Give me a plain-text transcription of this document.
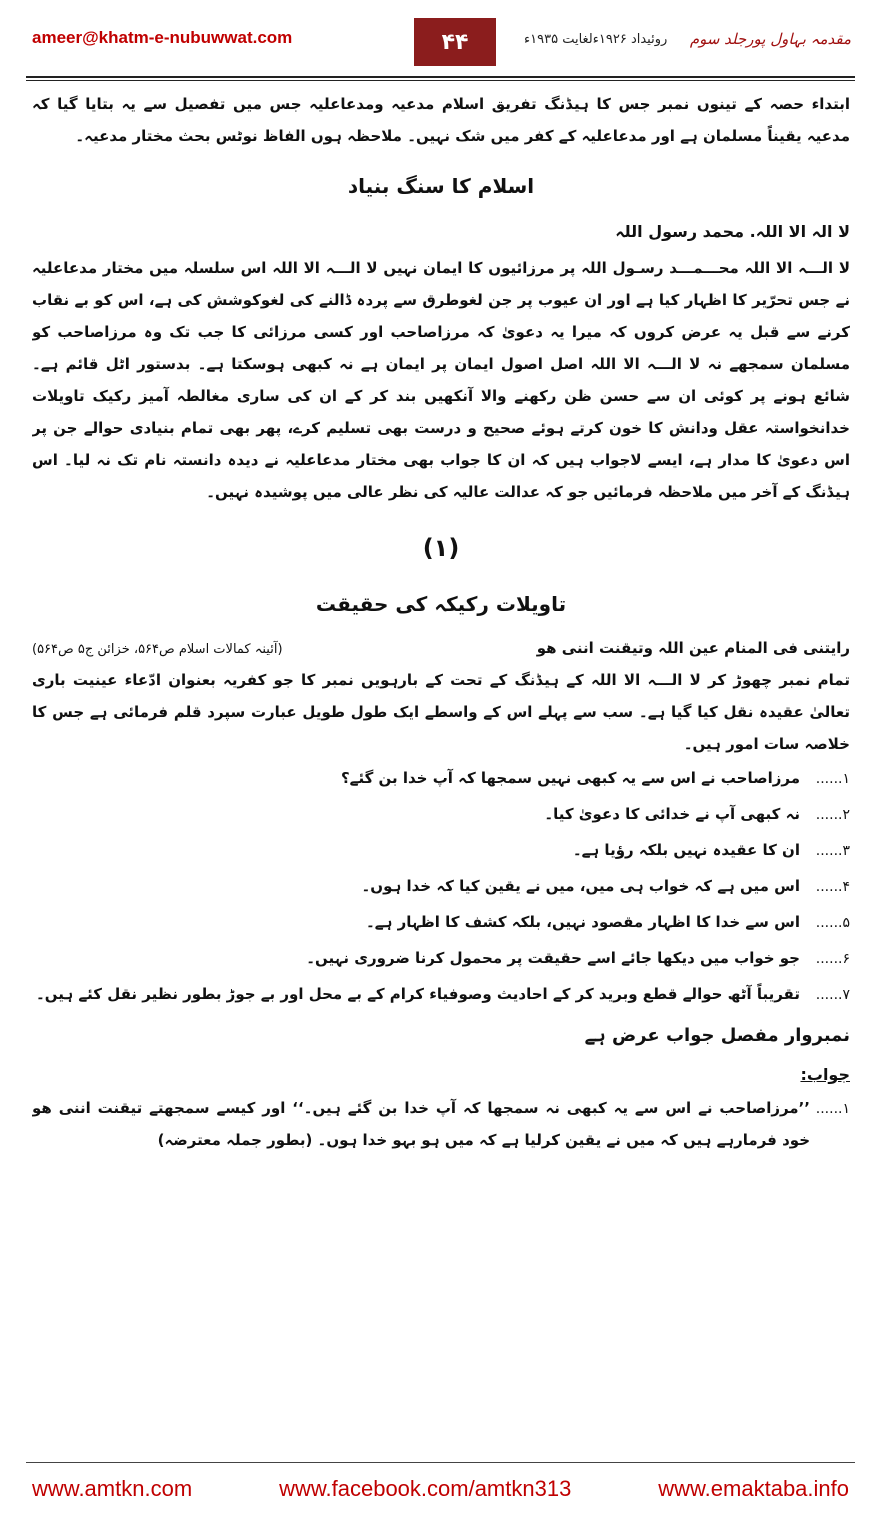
ameer@khatm-e-nubuwwat.com	۴۴	روئیداد ۱۹۲۶ءلغایت ۱۹۳۵ء مقدمہ بہاول پورجلد سوم

ابتداء حصہ کے تینوں نمبر جس کا ہیڈنگ تفریق اسلام مدعیہ ومدعاعلیہ جس میں تفصیل سے یہ بتایا گیا کہ مدعیہ یقیناً مسلمان ہے اور مدعاعلیہ کے کفر میں شک نہیں۔ ملاحظہ ہوں الفاظ نوٹس بحث مختار مدعیہ۔

اسلام کا سنگ بنیاد

لا الہ الا اللہ. محمد رسول اللہ

لا الـــہ الا اللہ محـــمـــد رسـول اللہ پر مرزائیوں کا ایمان نہیں لا الـــہ الا اللہ اس سلسلہ میں مختار مدعاعلیہ نے جس تحرّیر کا اظہار کیا ہے اور ان عیوب پر جن لغوطرق سے پردہ ڈالنے کی لغوکوشش کی ہے، اس کو بے نقاب کرنے سے قبل یہ عرض کروں کہ میرا یہ دعویٰ کہ مرزاصاحب اور کسی مرزائی کا جب تک وہ مرزاصاحب کو مسلمان سمجھے نہ لا الـــہ الا اللہ اصل اصول ایمان پر ایمان ہے نہ کبھی ہوسکتا ہے۔ بدستور اٹل قائم ہے۔ شائع ہونے پر کوئی ان سے حسن ظن رکھنے والا آنکھیں بند کر کے ان کی ساری مغالطہ آمیز رکیک تاویلات خدانخواستہ عقل ودانش کا خون کرتے ہوئے صحیح و درست بھی تسلیم کرے، پھر بھی تمام بنیادی حوالے جن پر اس دعویٰ کا مدار ہے، ایسے لاجواب ہیں کہ ان کا جواب بھی مختار مدعاعلیہ نے دیدہ دانستہ نام تک نہ لیا۔ اس ہیڈنگ کے آخر میں ملاحظہ فرمائیں جو کہ عدالت عالیہ کی نظر عالی میں پوشیدہ نہیں۔

(۱)

تاویلات رکیکہ کی حقیقت

رایتنی فی المنام عین اللہ وتیقنت اننی ھو
(آئینہ کمالات اسلام ص۵۶۴، خزائن ج۵ ص۵۶۴)

تمام نمبر چھوڑ کر لا الـــہ الا اللہ کے ہیڈنگ کے تحت کے بارہویں نمبر کا جو کفریہ بعنوان ادّعاء عینیت باری تعالیٰ عقیدہ نقل کیا گیا ہے۔ سب سے پہلے اس کے واسطے ایک طول طویل عبارت سپرد قلم فرمائی ہے جس کا خلاصہ سات امور ہیں۔

۱......
مرزاصاحب نے اس سے یہ کبھی نہیں سمجھا کہ آپ خدا بن گئے؟
۲......
نہ کبھی آپ نے خدائی کا دعویٰ کیا۔
۳......
ان کا عقیدہ نہیں بلکہ رؤیا ہے۔
۴......
اس میں ہے کہ خواب ہی میں، میں نے یقین کیا کہ خدا ہوں۔
۵......
اس سے خدا کا اظہار مقصود نہیں، بلکہ کشف کا اظہار ہے۔
۶......
جو خواب میں دیکھا جائے اسے حقیقت پر محمول کرنا ضروری نہیں۔
۷......
تقریباً آٹھ حوالے قطع وبرید کر کے احادیث وصوفیاء کرام کے بے محل اور بے جوڑ بطور نظیر نقل کئے ہیں۔

نمبروار مفصل جواب عرض ہے

جواب:

۱......

’’مرزاصاحب نے اس سے یہ کبھی نہ سمجھا کہ آپ خدا بن گئے ہیں۔‘‘ اور کیسے سمجھتے تیقنت اننی ھو خود فرمارہے ہیں کہ میں نے یقین کرلیا ہے کہ میں ہو بہو خدا ہوں۔ (بطور جملہ معترضہ)

www.amtkn.com	www.facebook.com/amtkn313	www.emaktaba.info
